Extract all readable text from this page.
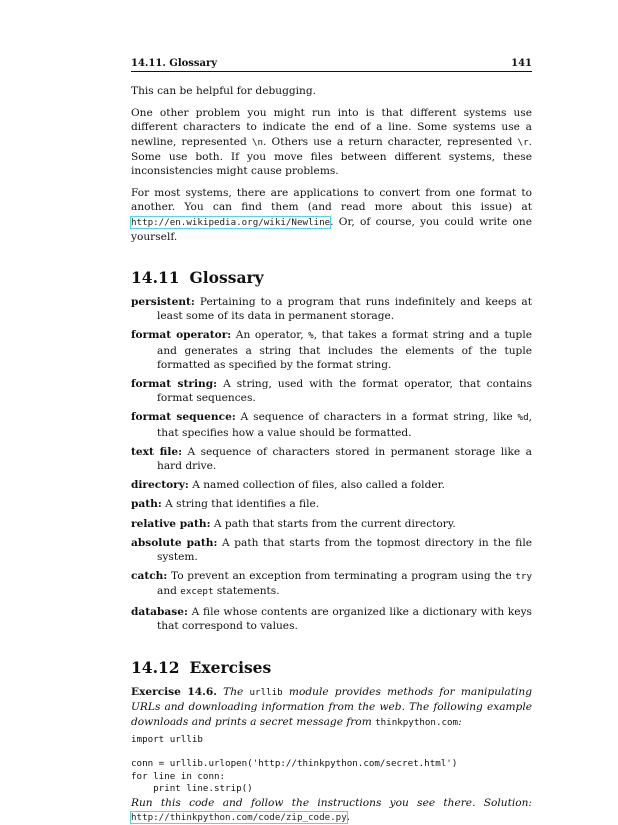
14.11. Glossary	141

This can be helpful for debugging.

One other problem you might run into is that different systems use different characters to indicate the end of a line. Some systems use a newline, represented \n. Others use a return character, represented \r. Some use both. If you move files between different systems, these inconsistencies might cause problems.

For most systems, there are applications to convert from one format to another. You can find them (and read more about this issue) at http://en.wikipedia.org/wiki/Newline. Or, of course, you could write one yourself.

14.11 Glossary
persistent: Pertaining to a program that runs indefinitely and keeps at least some of its data in permanent storage.
format operator: An operator, %, that takes a format string and a tuple and generates a string that includes the elements of the tuple formatted as specified by the format string.
format string: A string, used with the format operator, that contains format sequences.
format sequence: A sequence of characters in a format string, like %d, that specifies how a value should be formatted.
text file: A sequence of characters stored in permanent storage like a hard drive.
directory: A named collection of files, also called a folder.
path: A string that identifies a file.
relative path: A path that starts from the current directory.
absolute path: A path that starts from the topmost directory in the file system.
catch: To prevent an exception from terminating a program using the try and except statements.
database: A file whose contents are organized like a dictionary with keys that correspond to values.
14.12 Exercises

Exercise 14.6. The urllib module provides methods for manipulating URLs and downloading information from the web. The following example downloads and prints a secret message from thinkpython.com:

import urllib
conn = urllib.urlopen('http://thinkpython.com/secret.html')
for line in conn:
print line.strip()

Run this code and follow the instructions you see there. Solution: http://thinkpython.com/code/zip_code.py.
